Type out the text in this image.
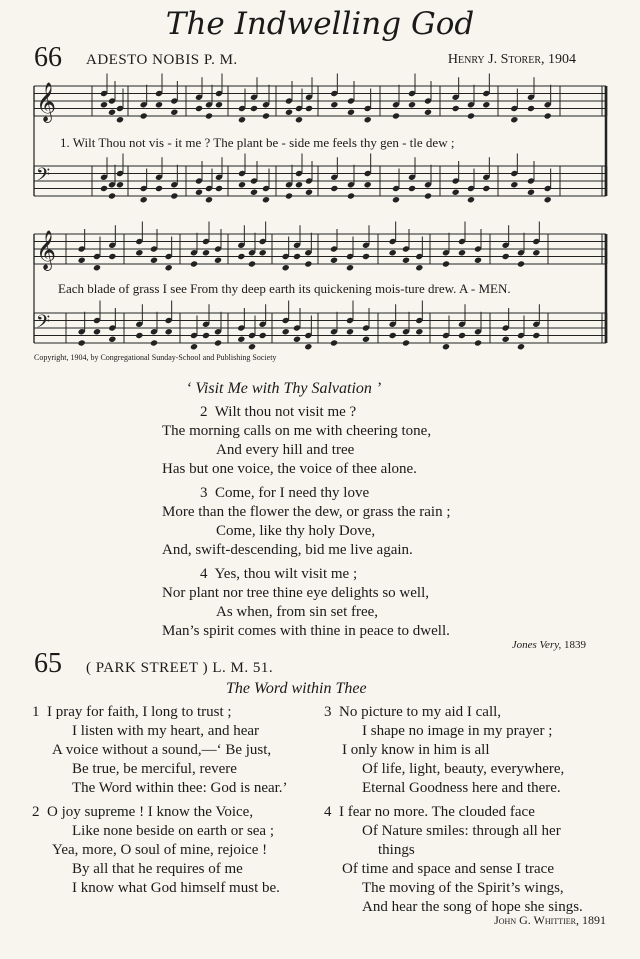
The Indwelling God
66 ADESTO NOBIS P. M.	Henry J. Storer, 1904
𝄞
𝄢
𝄞
𝄢
1. Wilt Thou not vis - it me ? The plant be - side me feels thy gen - tle dew ;
Each blade of grass I see From thy deep earth its quickening mois-ture drew. A - MEN.
Copyright, 1904, by Congregational Sunday-School and Publishing Society
‘ Visit Me with Thy Salvation ’
2 Wilt thou not visit me ?
The morning calls on me with cheering tone,
And every hill and tree
Has but one voice, the voice of thee alone.
3 Come, for I need thy love
More than the flower the dew, or grass the rain ;
Come, like thy holy Dove,
And, swift-descending, bid me live again.
4 Yes, thou wilt visit me ;
Nor plant nor tree thine eye delights so well,
As when, from sin set free,
Man’s spirit comes with thine in peace to dwell.
Jones Very, 1839
65 ( PARK STREET ) L. M. 51.
The Word within Thee
1 I pray for faith, I long to trust ;
I listen with my heart, and hear
A voice without a sound,—‘ Be just,
Be true, be merciful, revere
The Word within thee: God is near.’
2 O joy supreme ! I know the Voice,
Like none beside on earth or sea ;
Yea, more, O soul of mine, rejoice !
By all that he requires of me
I know what God himself must be.
3 No picture to my aid I call,
I shape no image in my prayer ;
I only know in him is all
Of life, light, beauty, everywhere,
Eternal Goodness here and there.
4 I fear no more. The clouded face
Of Nature smiles: through all her
things
Of time and space and sense I trace
The moving of the Spirit’s wings,
And hear the song of hope she sings.
John G. Whittier, 1891
